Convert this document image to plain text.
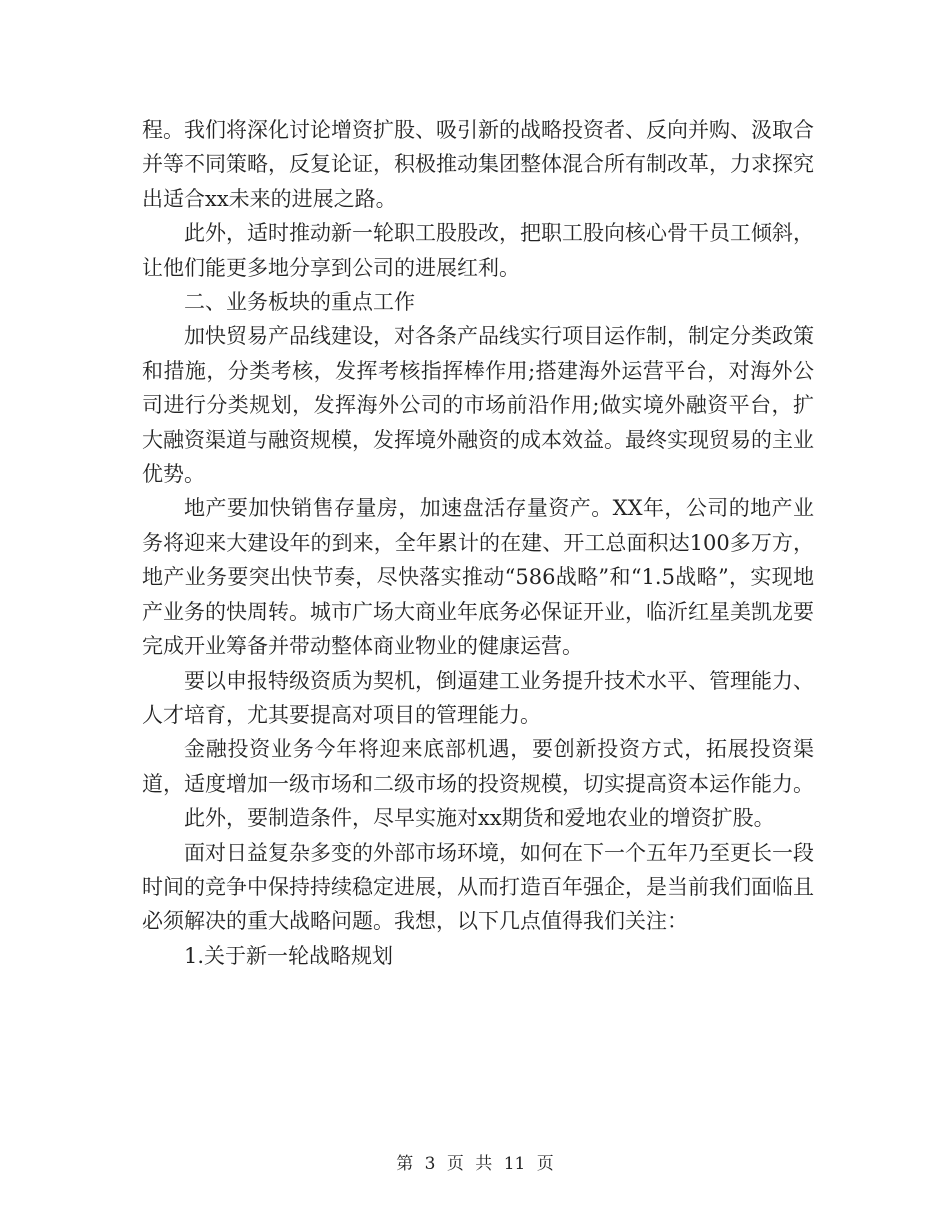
程。我们将深化讨论增资扩股、吸引新的战略投资者、反向并购、汲取合并等不同策略，反复论证，积极推动集团整体混合所有制改革，力求探究出适合xx未来的进展之路。

此外，适时推动新一轮职工股股改，把职工股向核心骨干员工倾斜，让他们能更多地分享到公司的进展红利。

二、业务板块的重点工作

加快贸易产品线建设，对各条产品线实行项目运作制，制定分类政策和措施，分类考核，发挥考核指挥棒作用;搭建海外运营平台，对海外公司进行分类规划，发挥海外公司的市场前沿作用;做实境外融资平台，扩大融资渠道与融资规模，发挥境外融资的成本效益。最终实现贸易的主业优势。

地产要加快销售存量房，加速盘活存量资产。XX年，公司的地产业务将迎来大建设年的到来，全年累计的在建、开工总面积达100多万方，地产业务要突出快节奏，尽快落实推动“586战略”和“1.5战略”，实现地产业务的快周转。城市广场大商业年底务必保证开业，临沂红星美凯龙要完成开业筹备并带动整体商业物业的健康运营。

要以申报特级资质为契机，倒逼建工业务提升技术水平、管理能力、人才培育，尤其要提高对项目的管理能力。

金融投资业务今年将迎来底部机遇，要创新投资方式，拓展投资渠道，适度增加一级市场和二级市场的投资规模，切实提高资本运作能力。

此外，要制造条件，尽早实施对xx期货和爱地农业的增资扩股。

面对日益复杂多变的外部市场环境，如何在下一个五年乃至更长一段时间的竞争中保持持续稳定进展，从而打造百年强企，是当前我们面临且必须解决的重大战略问题。我想，以下几点值得我们关注：

1.关于新一轮战略规划

第 3 页 共 11 页
